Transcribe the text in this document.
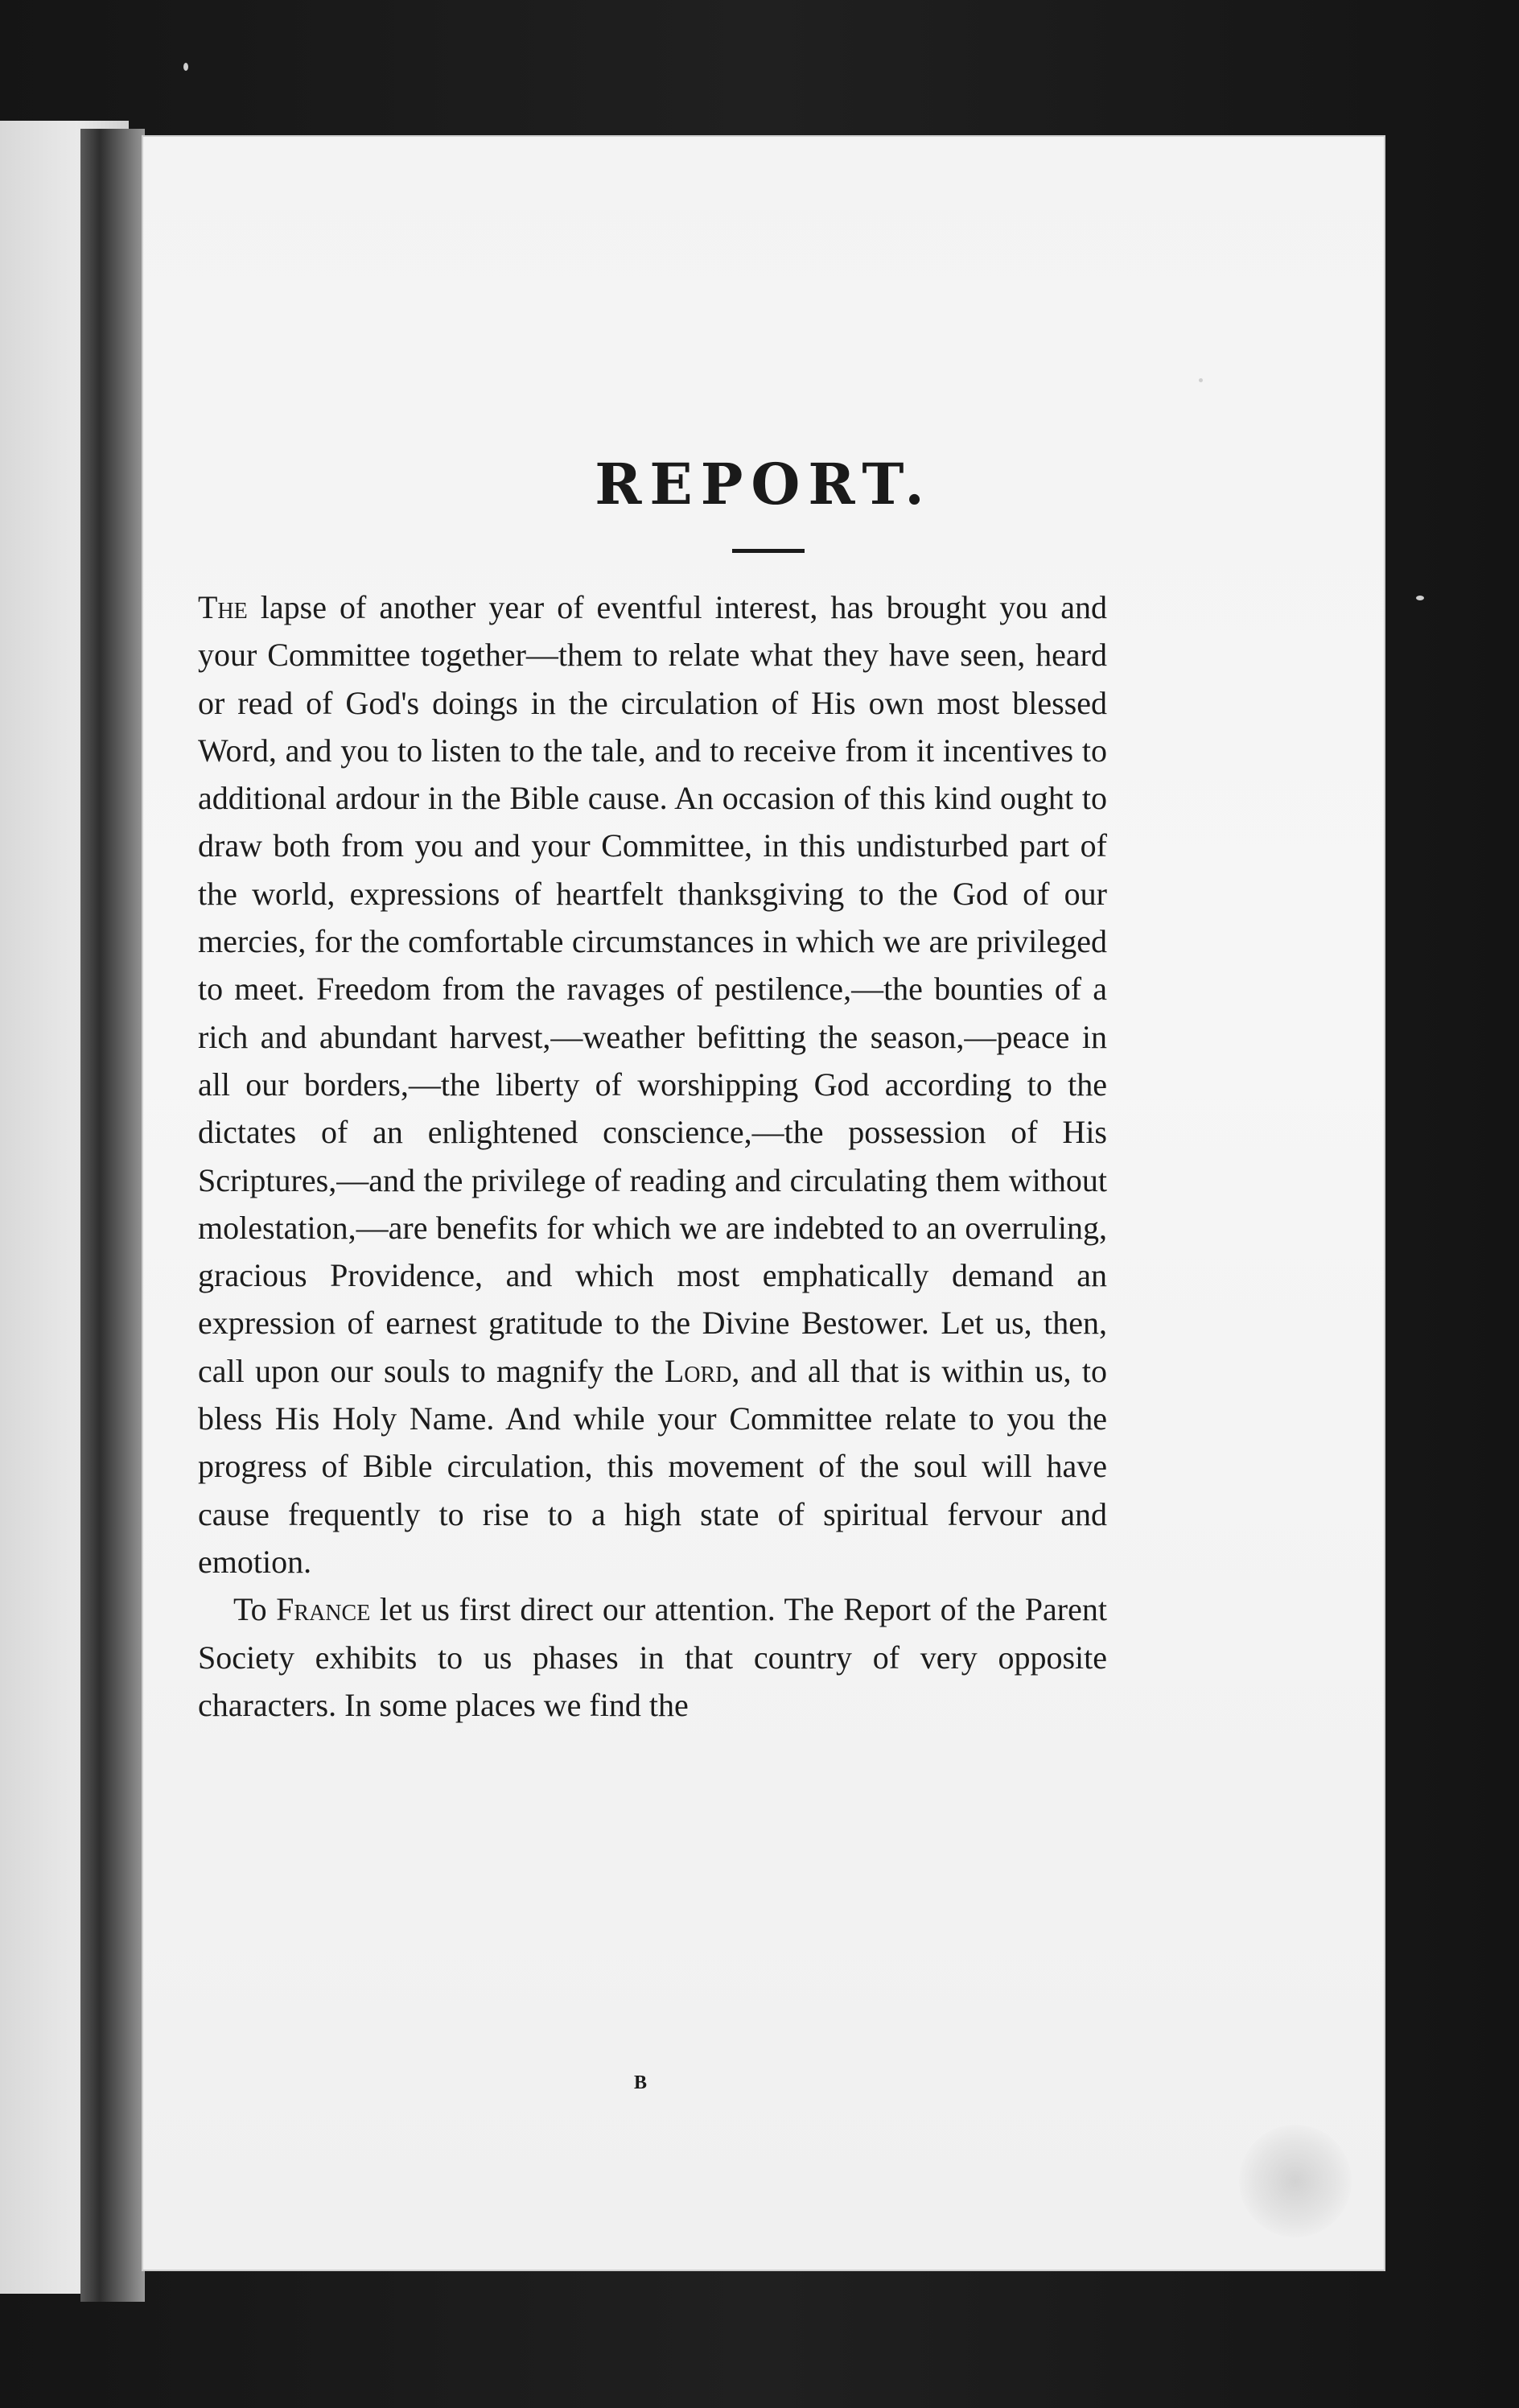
REPORT.

The lapse of another year of eventful interest, has brought you and your Committee together—them to relate what they have seen, heard or read of God's doings in the circulation of His own most blessed Word, and you to listen to the tale, and to receive from it incentives to additional ardour in the Bible cause. An occasion of this kind ought to draw both from you and your Committee, in this undisturbed part of the world, expressions of heartfelt thanksgiving to the God of our mercies, for the comfortable circumstances in which we are privileged to meet. Freedom from the ravages of pestilence,—the bounties of a rich and abundant harvest,—weather befitting the season,—peace in all our borders,—the liberty of worshipping God according to the dictates of an enlightened conscience,—the possession of His Scriptures,—and the privilege of reading and circulating them without molestation,—are benefits for which we are indebted to an overruling, gracious Providence, and which most emphatically demand an expression of earnest gratitude to the Divine Bestower. Let us, then, call upon our souls to magnify the Lord, and all that is within us, to bless His Holy Name. And while your Committee relate to you the progress of Bible circulation, this movement of the soul will have cause frequently to rise to a high state of spiritual fervour and emotion.

To France let us first direct our attention. The Report of the Parent Society exhibits to us phases in that country of very opposite characters. In some places we find the

B
